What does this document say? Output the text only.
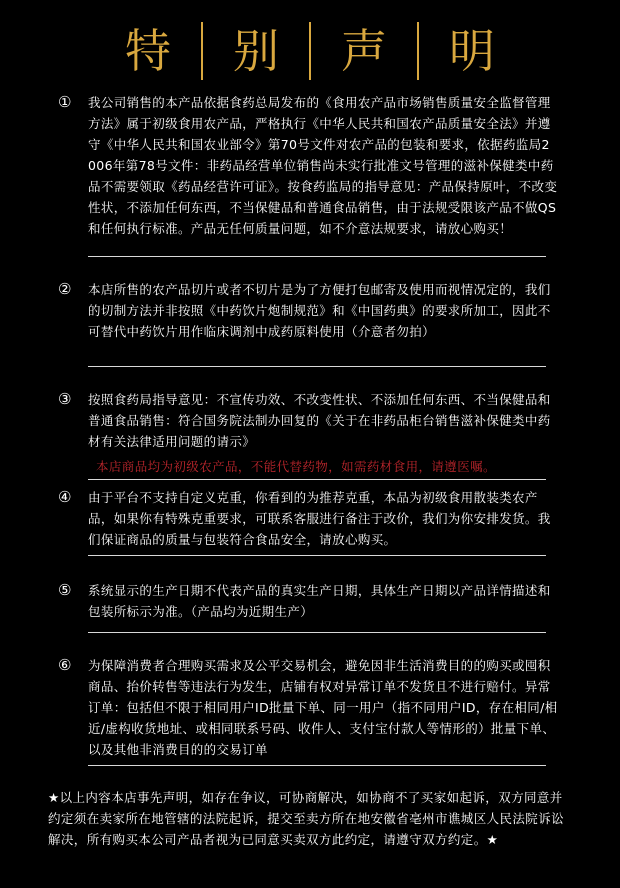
特	别	声	明
①	我公司销售的本产品依据食药总局发布的《食用农产品市场销售质量安全监督管理方法》属于初级食用农产品，严格执行《中华人民共和国农产品质量安全法》并遵守《中华人民共和国农业部令》第70号文件对农产品的包装和要求，依据药监局2006年第78号文件：非药品经营单位销售尚未实行批准文号管理的滋补保健类中药品不需要领取《药品经营许可证》。按食药监局的指导意见：产品保持原叶，不改变性状，不添加任何东西，不当保健品和普通食品销售，由于法规受限该产品不做QS和任何执行标准。产品无任何质量问题，如不介意法规要求，请放心购买！
②	本店所售的农产品切片或者不切片是为了方便打包邮寄及使用而视情况定的，我们的切制方法并非按照《中药饮片炮制规范》和《中国药典》的要求所加工，因此不可替代中药饮片用作临床调剂中成药原料使用（介意者勿拍）
③	按照食药局指导意见：不宣传功效、不改变性状、不添加任何东西、不当保健品和普通食品销售：符合国务院法制办回复的《关于在非药品柜台销售滋补保健类中药材有关法律适用问题的请示》
本店商品均为初级农产品，不能代替药物，如需药材食用，请遵医嘱。
④	由于平台不支持自定义克重，你看到的为推荐克重，本品为初级食用散装类农产品，如果你有特殊克重要求，可联系客服进行备注于改价，我们为你安排发货。我们保证商品的质量与包装符合食品安全，请放心购买。
⑤	系统显示的生产日期不代表产品的真实生产日期，具体生产日期以产品详情描述和包装所标示为准。（产品均为近期生产）
⑥	为保障消费者合理购买需求及公平交易机会，避免因非生活消费目的的购买或囤积商品、抬价转售等违法行为发生，店铺有权对异常订单不发货且不进行赔付。异常订单：包括但不限于相同用户ID批量下单、同一用户（指不同用户ID，存在相同/相近/虚构收货地址、或相同联系号码、收件人、支付宝付款人等情形的）批量下单、以及其他非消费目的的交易订单
★以上内容本店事先声明，如存在争议，可协商解决，如协商不了买家如起诉，双方同意并约定须在卖家所在地管辖的法院起诉，提交至卖方所在地安徽省亳州市谯城区人民法院诉讼解决，所有购买本公司产品者视为已同意买卖双方此约定，请遵守双方约定。★
